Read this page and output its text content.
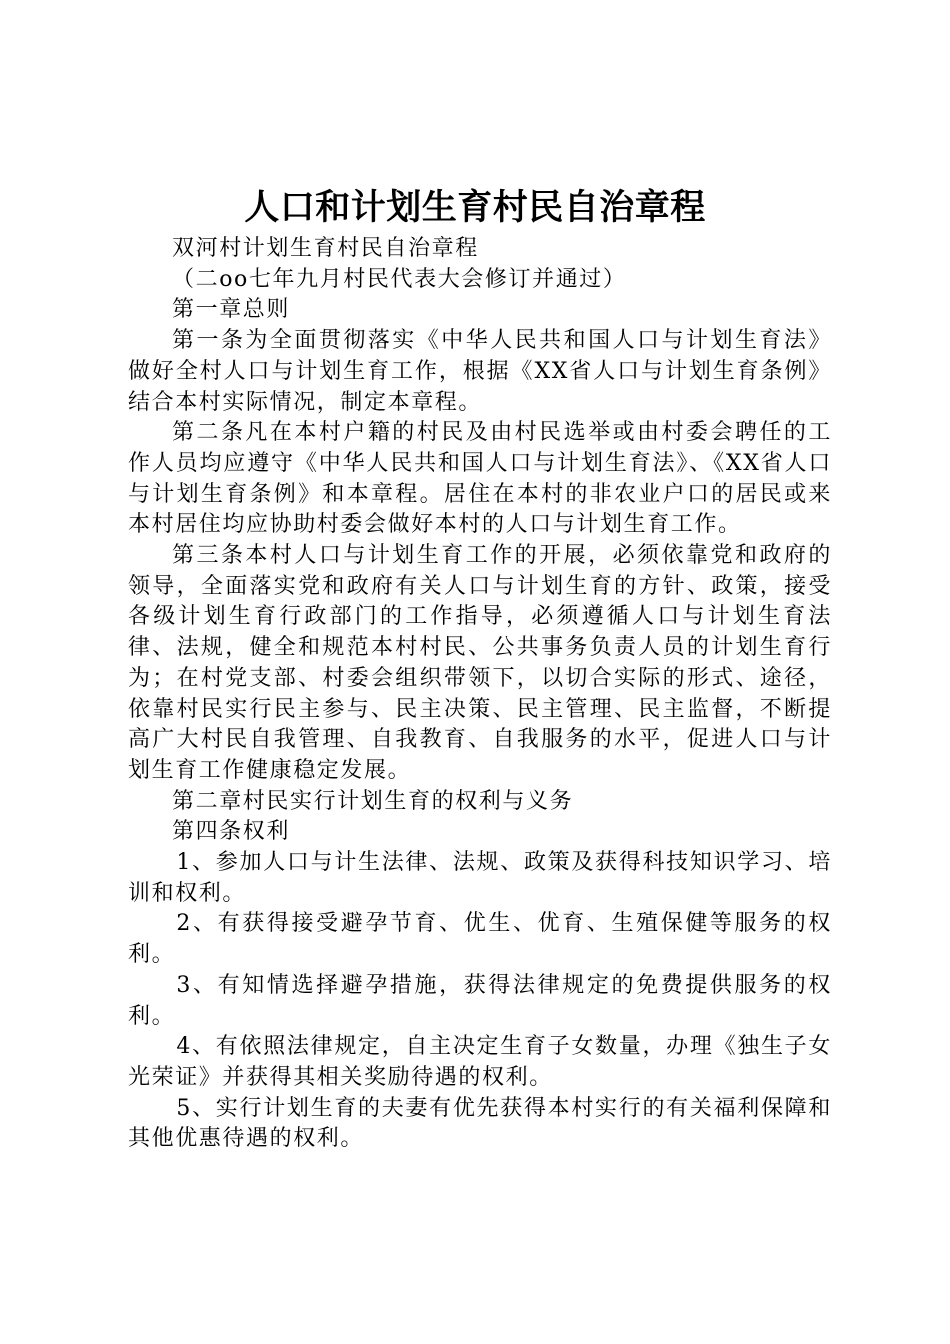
人口和计划生育村民自治章程

双河村计划生育村民自治章程

（二oo七年九月村民代表大会修订并通过）

第一章总则

第一条为全面贯彻落实《中华人民共和国人口与计划生育法》做好全村人口与计划生育工作，根据《XX省人口与计划生育条例》结合本村实际情况，制定本章程。

第二条凡在本村户籍的村民及由村民选举或由村委会聘任的工作人员均应遵守《中华人民共和国人口与计划生育法》、《XX省人口与计划生育条例》和本章程。居住在本村的非农业户口的居民或来本村居住均应协助村委会做好本村的人口与计划生育工作。

第三条本村人口与计划生育工作的开展，必须依靠党和政府的领导，全面落实党和政府有关人口与计划生育的方针、政策，接受各级计划生育行政部门的工作指导，必须遵循人口与计划生育法律、法规，健全和规范本村村民、公共事务负责人员的计划生育行为；在村党支部、村委会组织带领下，以切合实际的形式、途径，依靠村民实行民主参与、民主决策、民主管理、民主监督，不断提高广大村民自我管理、自我教育、自我服务的水平，促进人口与计划生育工作健康稳定发展。

第二章村民实行计划生育的权利与义务

第四条权利

1、参加人口与计生法律、法规、政策及获得科技知识学习、培训和权利。

2、有获得接受避孕节育、优生、优育、生殖保健等服务的权利。

3、有知情选择避孕措施，获得法律规定的免费提供服务的权利。

4、有依照法律规定，自主决定生育子女数量，办理《独生子女光荣证》并获得其相关奖励待遇的权利。

5、实行计划生育的夫妻有优先获得本村实行的有关福利保障和其他优惠待遇的权利。
